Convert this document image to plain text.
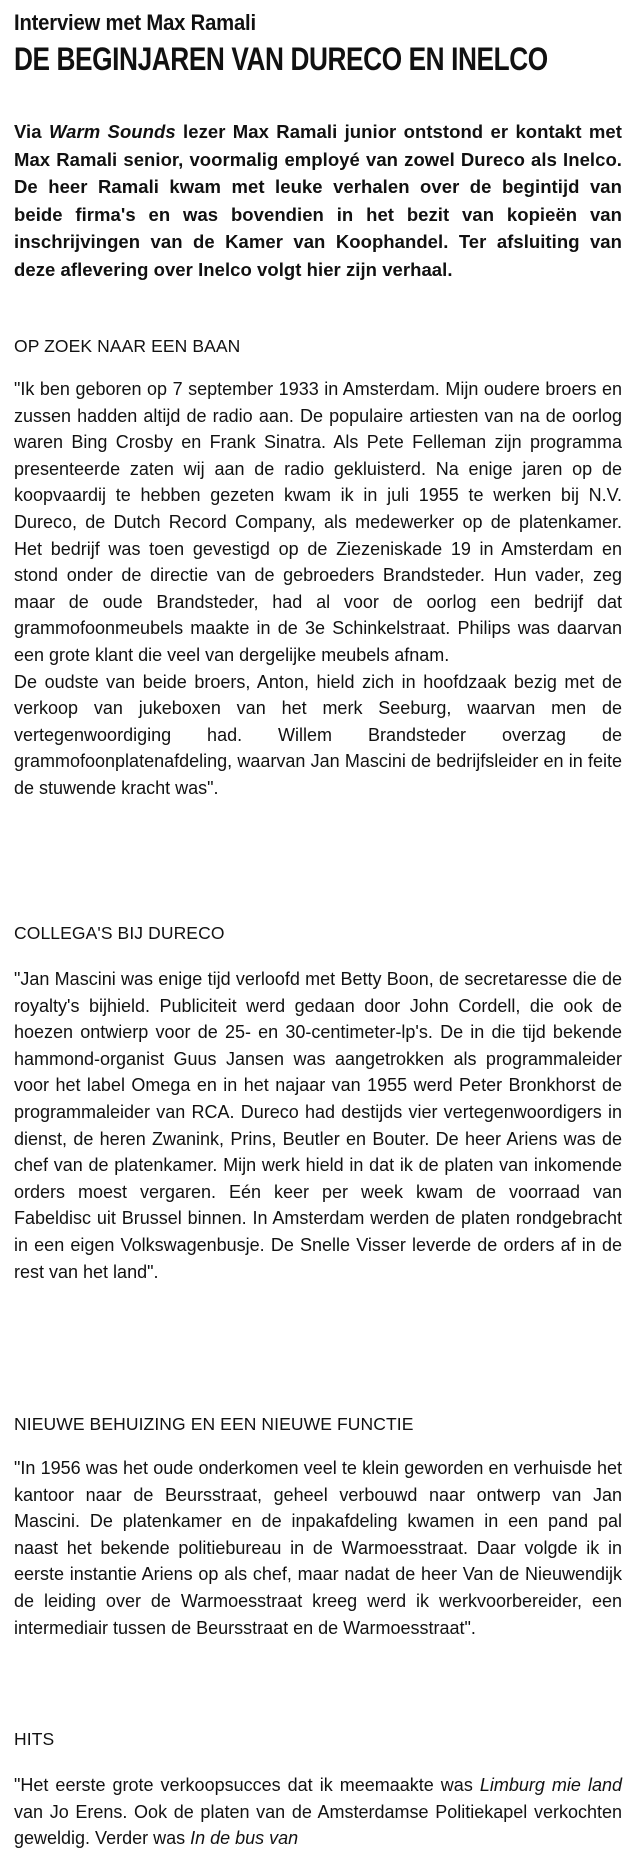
Interview met Max Ramali
DE BEGINJAREN VAN DURECO EN INELCO

Via Warm Sounds lezer Max Ramali junior ontstond er kontakt met Max Ramali senior, voormalig employé van zowel Dureco als Inelco. De heer Ramali kwam met leuke verhalen over de begintijd van beide firma's en was bovendien in het bezit van kopieën van inschrijvingen van de Kamer van Koophandel. Ter afsluiting van deze aflevering over Inelco volgt hier zijn verhaal.

OP ZOEK NAAR EEN BAAN

"Ik ben geboren op 7 september 1933 in Amsterdam. Mijn oudere broers en zussen hadden altijd de radio aan. De populaire artiesten van na de oorlog waren Bing Crosby en Frank Sinatra. Als Pete Felleman zijn programma presenteerde zaten wij aan de radio gekluisterd. Na enige jaren op de koopvaardij te hebben gezeten kwam ik in juli 1955 te werken bij N.V. Dureco, de Dutch Record Company, als medewerker op de platenkamer. Het bedrijf was toen gevestigd op de Ziezeniskade 19 in Amsterdam en stond onder de directie van de gebroeders Brandsteder. Hun vader, zeg maar de oude Brandsteder, had al voor de oorlog een bedrijf dat grammofoonmeubels maakte in de 3e Schinkelstraat. Philips was daarvan een grote klant die veel van dergelijke meubels afnam.

De oudste van beide broers, Anton, hield zich in hoofdzaak bezig met de verkoop van jukeboxen van het merk Seeburg, waarvan men de vertegenwoordiging had. Willem Brandsteder overzag de grammofoonplatenafdeling, waarvan Jan Mascini de bedrijfsleider en in feite de stuwende kracht was".

COLLEGA'S BIJ DURECO

"Jan Mascini was enige tijd verloofd met Betty Boon, de secretaresse die de royalty's bijhield. Publiciteit werd gedaan door John Cordell, die ook de hoezen ontwierp voor de 25- en 30-centimeter-lp's. De in die tijd bekende hammond-organist Guus Jansen was aangetrokken als programmaleider voor het label Omega en in het najaar van 1955 werd Peter Bronkhorst de programmaleider van RCA. Dureco had destijds vier vertegenwoordigers in dienst, de heren Zwanink, Prins, Beutler en Bouter. De heer Ariens was de chef van de platenkamer. Mijn werk hield in dat ik de platen van inkomende orders moest vergaren. Eén keer per week kwam de voorraad van Fabeldisc uit Brussel binnen. In Amsterdam werden de platen rondgebracht in een eigen Volkswagenbusje. De Snelle Visser leverde de orders af in de rest van het land".

NIEUWE BEHUIZING EN EEN NIEUWE FUNCTIE

"In 1956 was het oude onderkomen veel te klein geworden en verhuisde het kantoor naar de Beursstraat, geheel verbouwd naar ontwerp van Jan Mascini. De platenkamer en de inpakafdeling kwamen in een pand pal naast het bekende politiebureau in de Warmoesstraat. Daar volgde ik in eerste instantie Ariens op als chef, maar nadat de heer Van de Nieuwendijk de leiding over de Warmoesstraat kreeg werd ik werkvoorbereider, een intermediair tussen de Beursstraat en de Warmoesstraat".

HITS

"Het eerste grote verkoopsucces dat ik meemaakte was Limburg mie land van Jo Erens. Ook de platen van de Amsterdamse Politiekapel verkochten geweldig. Verder was In de bus van
